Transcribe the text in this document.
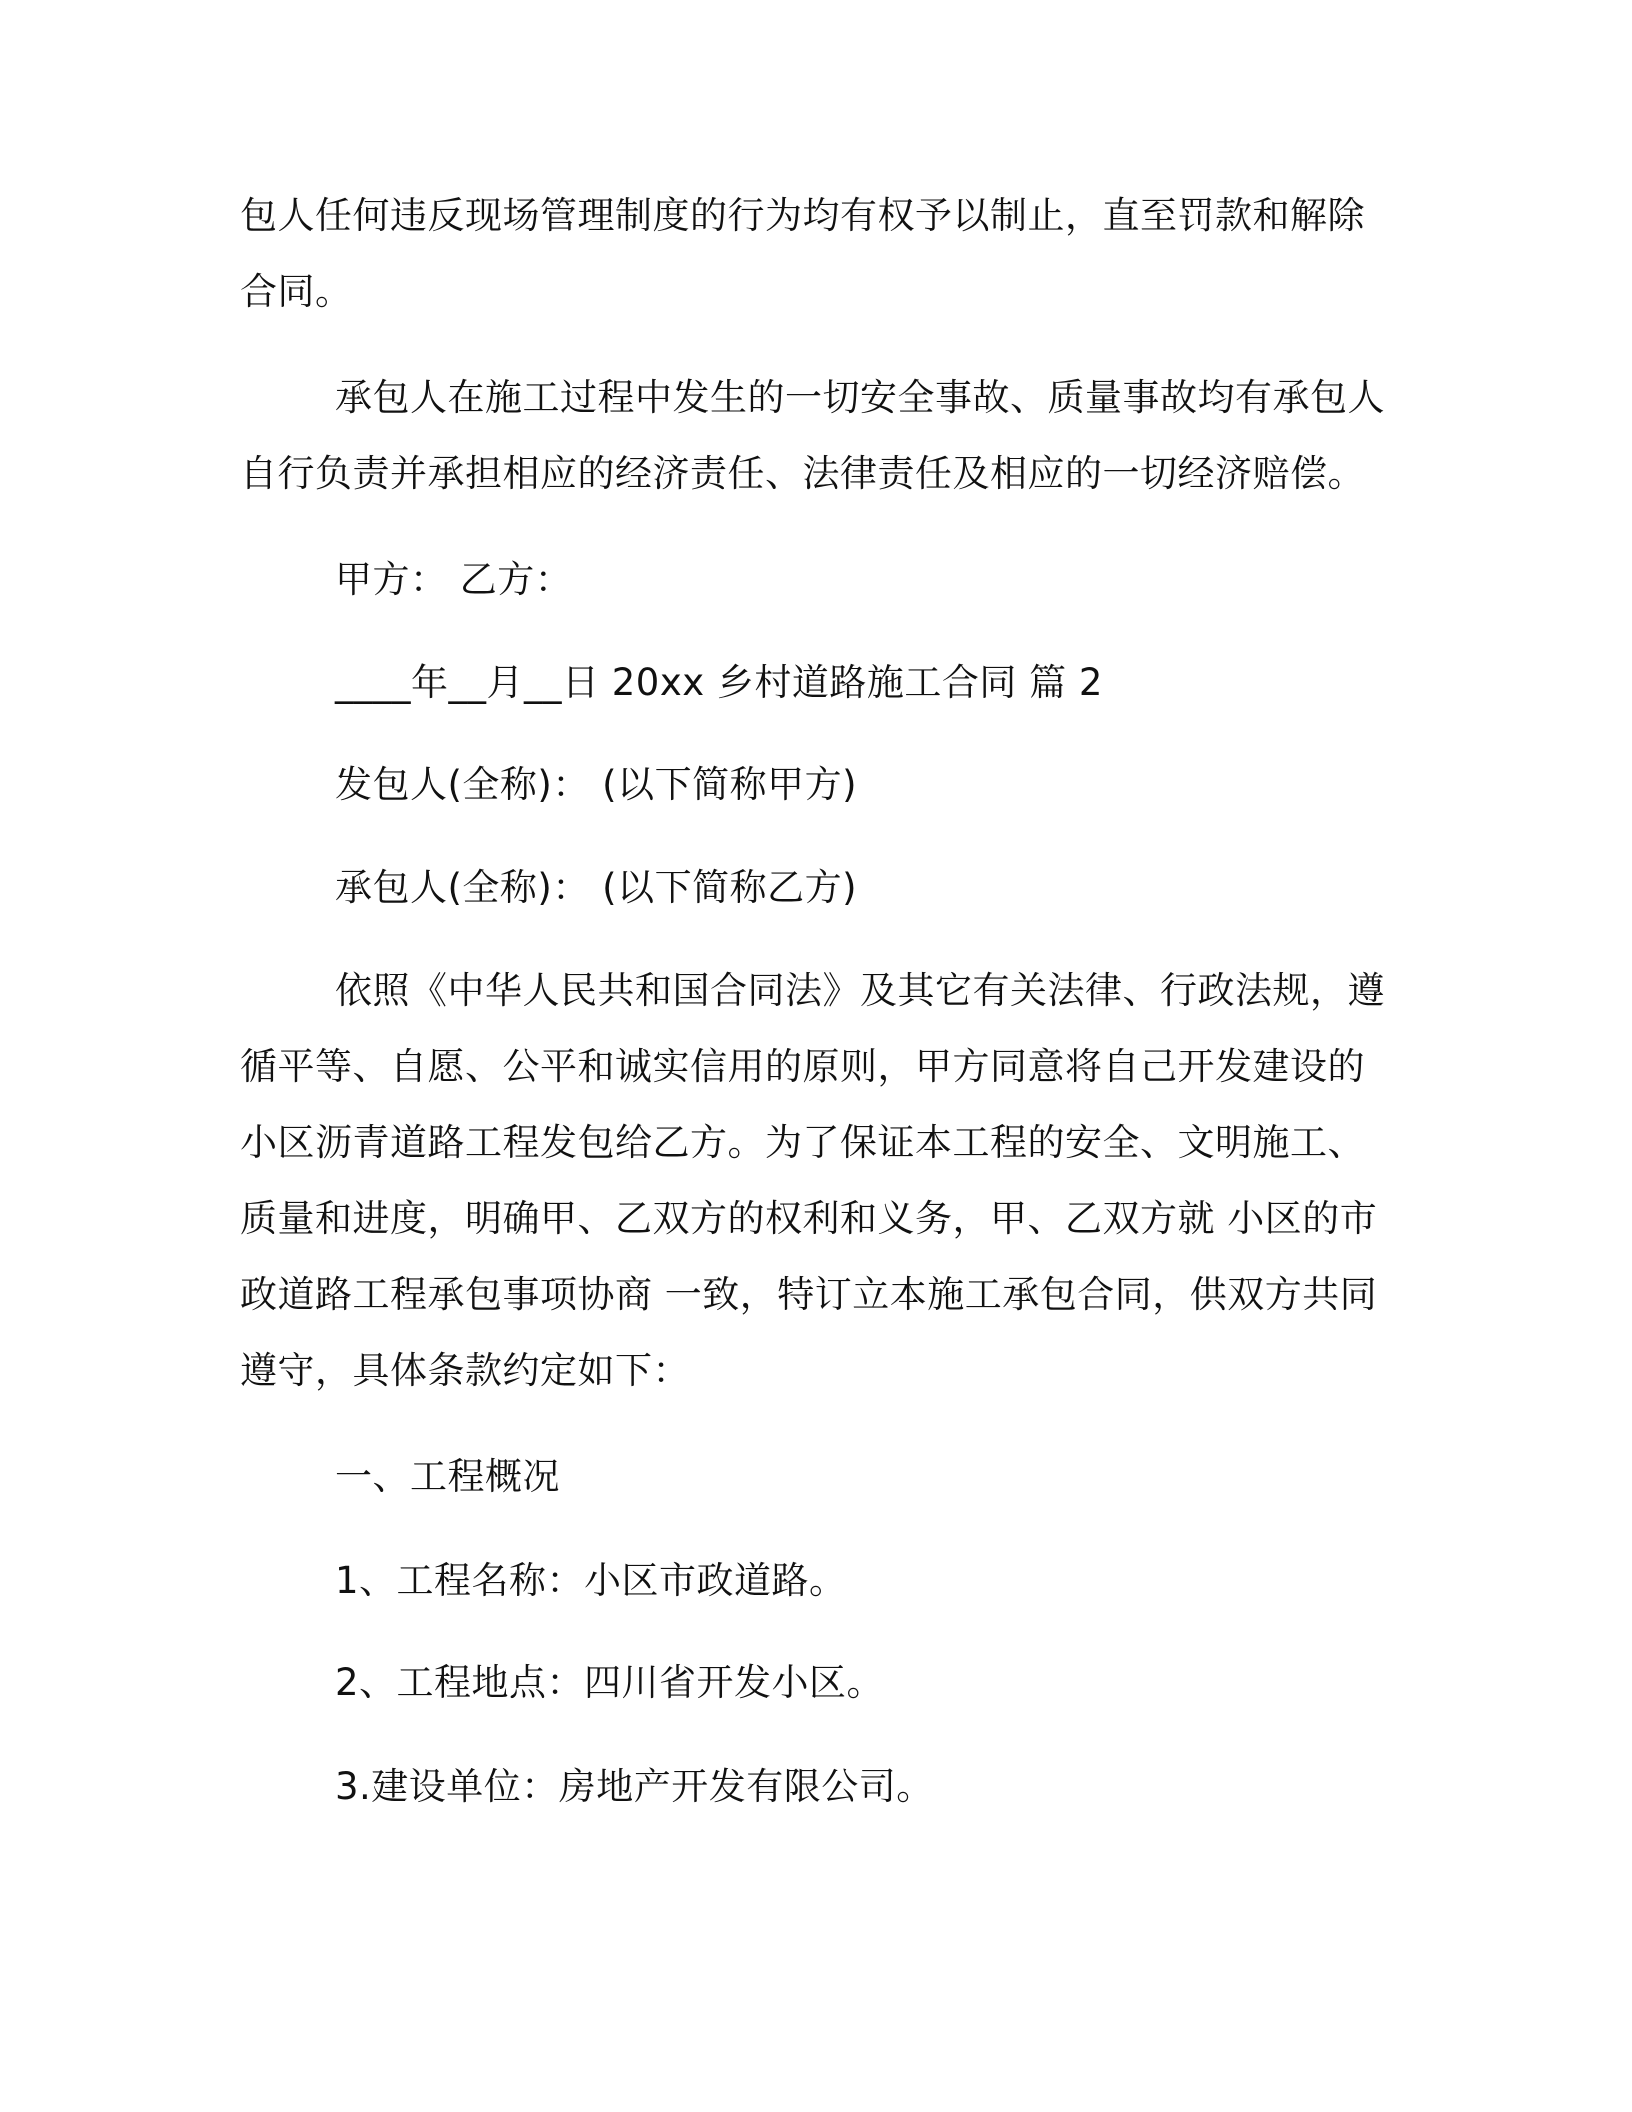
包人任何违反现场管理制度的行为均有权予以制止，直至罚款和解除
合同。
承包人在施工过程中发生的一切安全事故、质量事故均有承包人
自行负责并承担相应的经济责任、法律责任及相应的一切经济赔偿。
甲方： 乙方：
____年__月__日 20xx 乡村道路施工合同 篇 2
发包人(全称)： (以下简称甲方)
承包人(全称)： (以下简称乙方)
依照《中华人民共和国合同法》及其它有关法律、行政法规，遵
循平等、自愿、公平和诚实信用的原则，甲方同意将自己开发建设的
小区沥青道路工程发包给乙方。为了保证本工程的安全、文明施工、
质量和进度，明确甲、乙双方的权利和义务，甲、乙双方就 小区的市
政道路工程承包事项协商 一致，特订立本施工承包合同，供双方共同
遵守，具体条款约定如下：
一、工程概况
1、工程名称：小区市政道路。
2、工程地点：四川省开发小区。
3.建设单位：房地产开发有限公司。
